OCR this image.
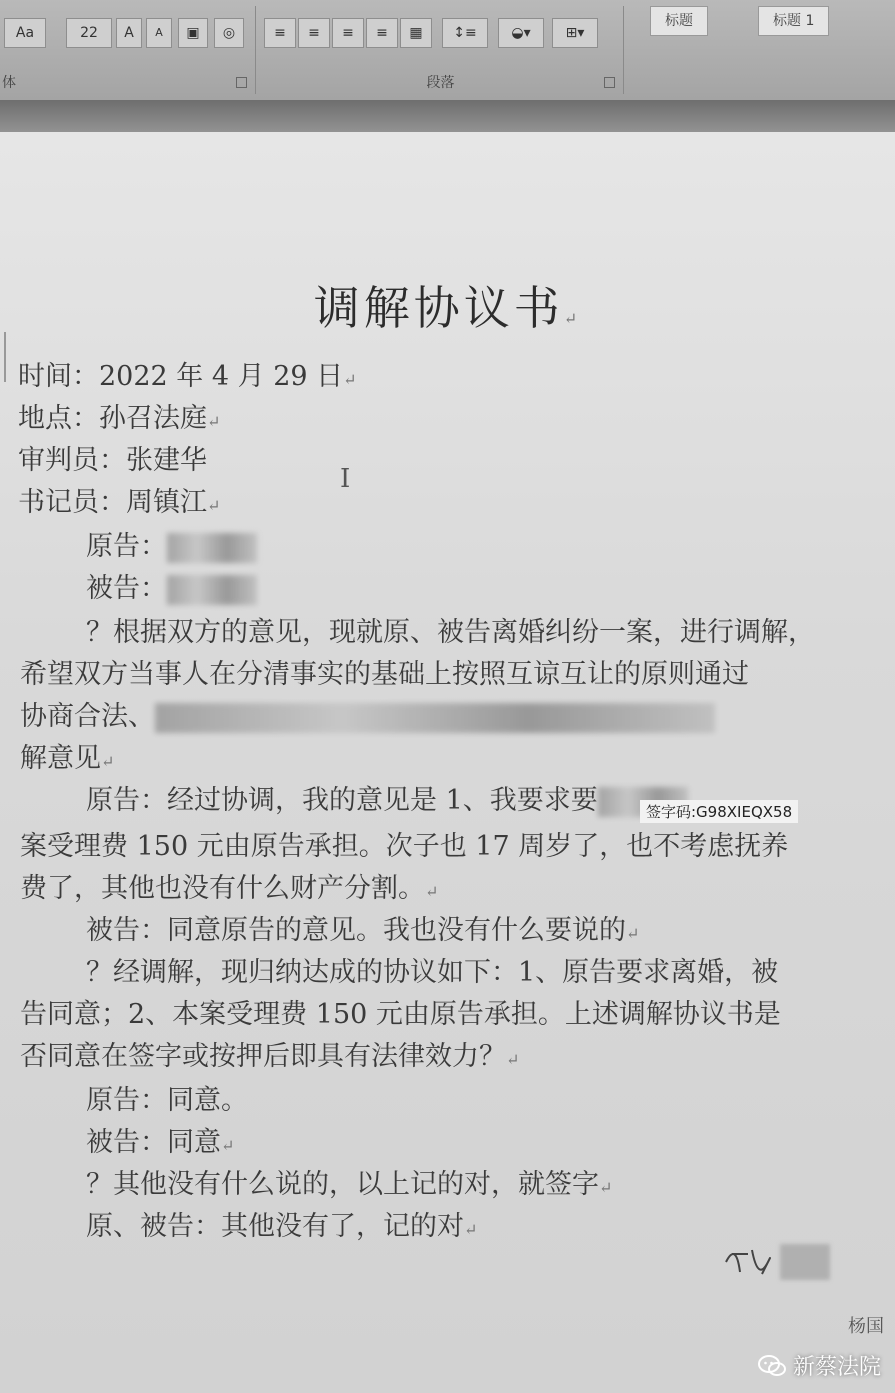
Aa	22	A	A	▣	◎
体
≡	≡	≡	≡	▦	↕≡	◒▾	⊞▾
段落
标题	标题 1
调解协议书↵
时间：2022 年 4 月 29 日↵
地点：孙召法庭↵
审判员：张建华
书记员：周镇江↵
I
原告：
被告：
？根据双方的意见，现就原、被告离婚纠纷一案，进行调解，
希望双方当事人在分清事实的基础上按照互谅互让的原则通过
协商合法、
解意见↵
原告：经过协调，我的意见是 1、我要求要	签字码:G98XIEQX58
案受理费 150 元由原告承担。次子也 17 周岁了，也不考虑抚养
费了，其他也没有什么财产分割。↵
被告：同意原告的意见。我也没有什么要说的↵
？经调解，现归纳达成的协议如下：1、原告要求离婚，被
告同意；2、本案受理费 150 元由原告承担。上述调解协议书是
否同意在签字或按押后即具有法律效力？↵
原告：同意。
被告：同意↵
？其他没有什么说的，以上记的对，就签字↵
原、被告：其他没有了，记的对↵
杨国
新蔡法院
